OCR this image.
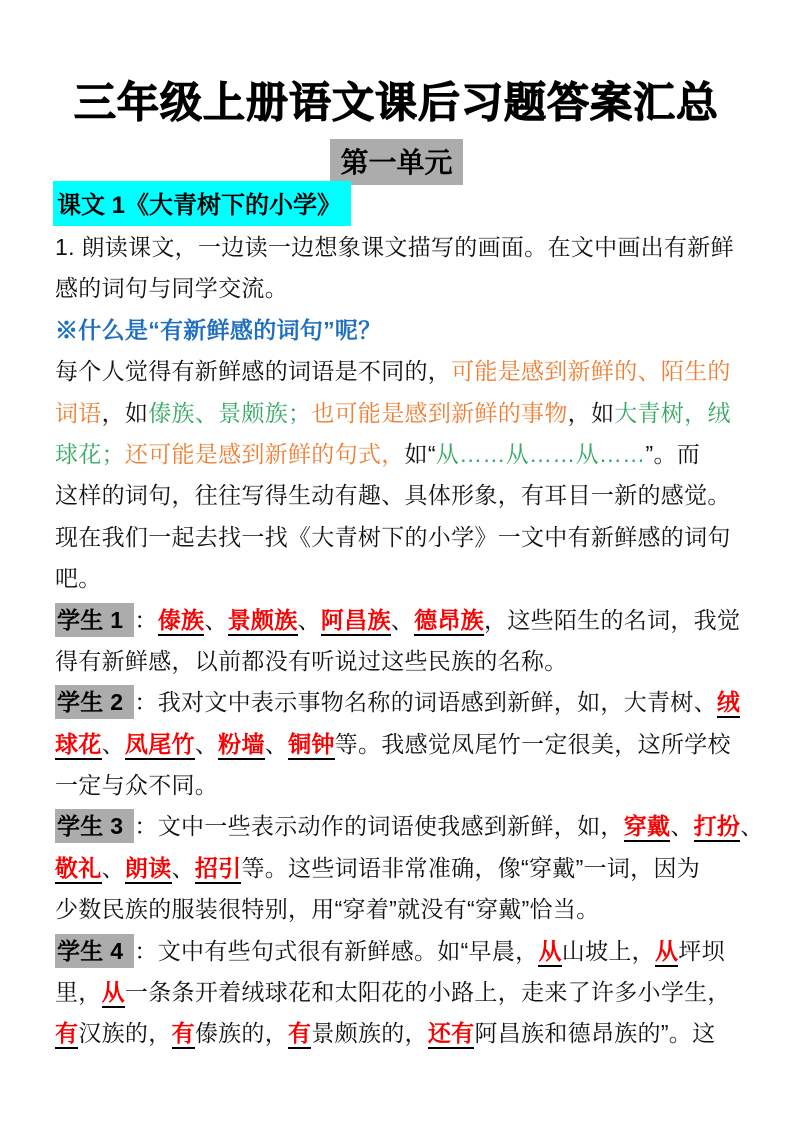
三年级上册语文课后习题答案汇总
第一单元
课文 1《大青树下的小学》
1. 朗读课文，一边读一边想象课文描写的画面。在文中画出有新鲜
感的词句与同学交流。
※什么是“有新鲜感的词句”呢？
每个人觉得有新鲜感的词语是不同的，可能是感到新鲜的、陌生的
词语，如傣族、景颇族；也可能是感到新鲜的事物，如大青树，绒
球花；还可能是感到新鲜的句式，如“从……从……从……”。而
这样的词句，往往写得生动有趣、具体形象，有耳目一新的感觉。
现在我们一起去找一找《大青树下的小学》一文中有新鲜感的词句
吧。
学生 1 ：傣族、景颇族、阿昌族、德昂族，这些陌生的名词，我觉
得有新鲜感，以前都没有听说过这些民族的名称。
学生 2 ：我对文中表示事物名称的词语感到新鲜，如，大青树、绒
球花、凤尾竹、粉墙、铜钟等。我感觉凤尾竹一定很美，这所学校
一定与众不同。
学生 3 ：文中一些表示动作的词语使我感到新鲜，如，穿戴、打扮、
敬礼、朗读、招引等。这些词语非常准确，像“穿戴”一词，因为
少数民族的服装很特别，用“穿着”就没有“穿戴”恰当。
学生 4 ：文中有些句式很有新鲜感。如“早晨，从山坡上，从坪坝
里，从一条条开着绒球花和太阳花的小路上，走来了许多小学生，
有汉族的，有傣族的，有景颇族的，还有阿昌族和德昂族的”。这
